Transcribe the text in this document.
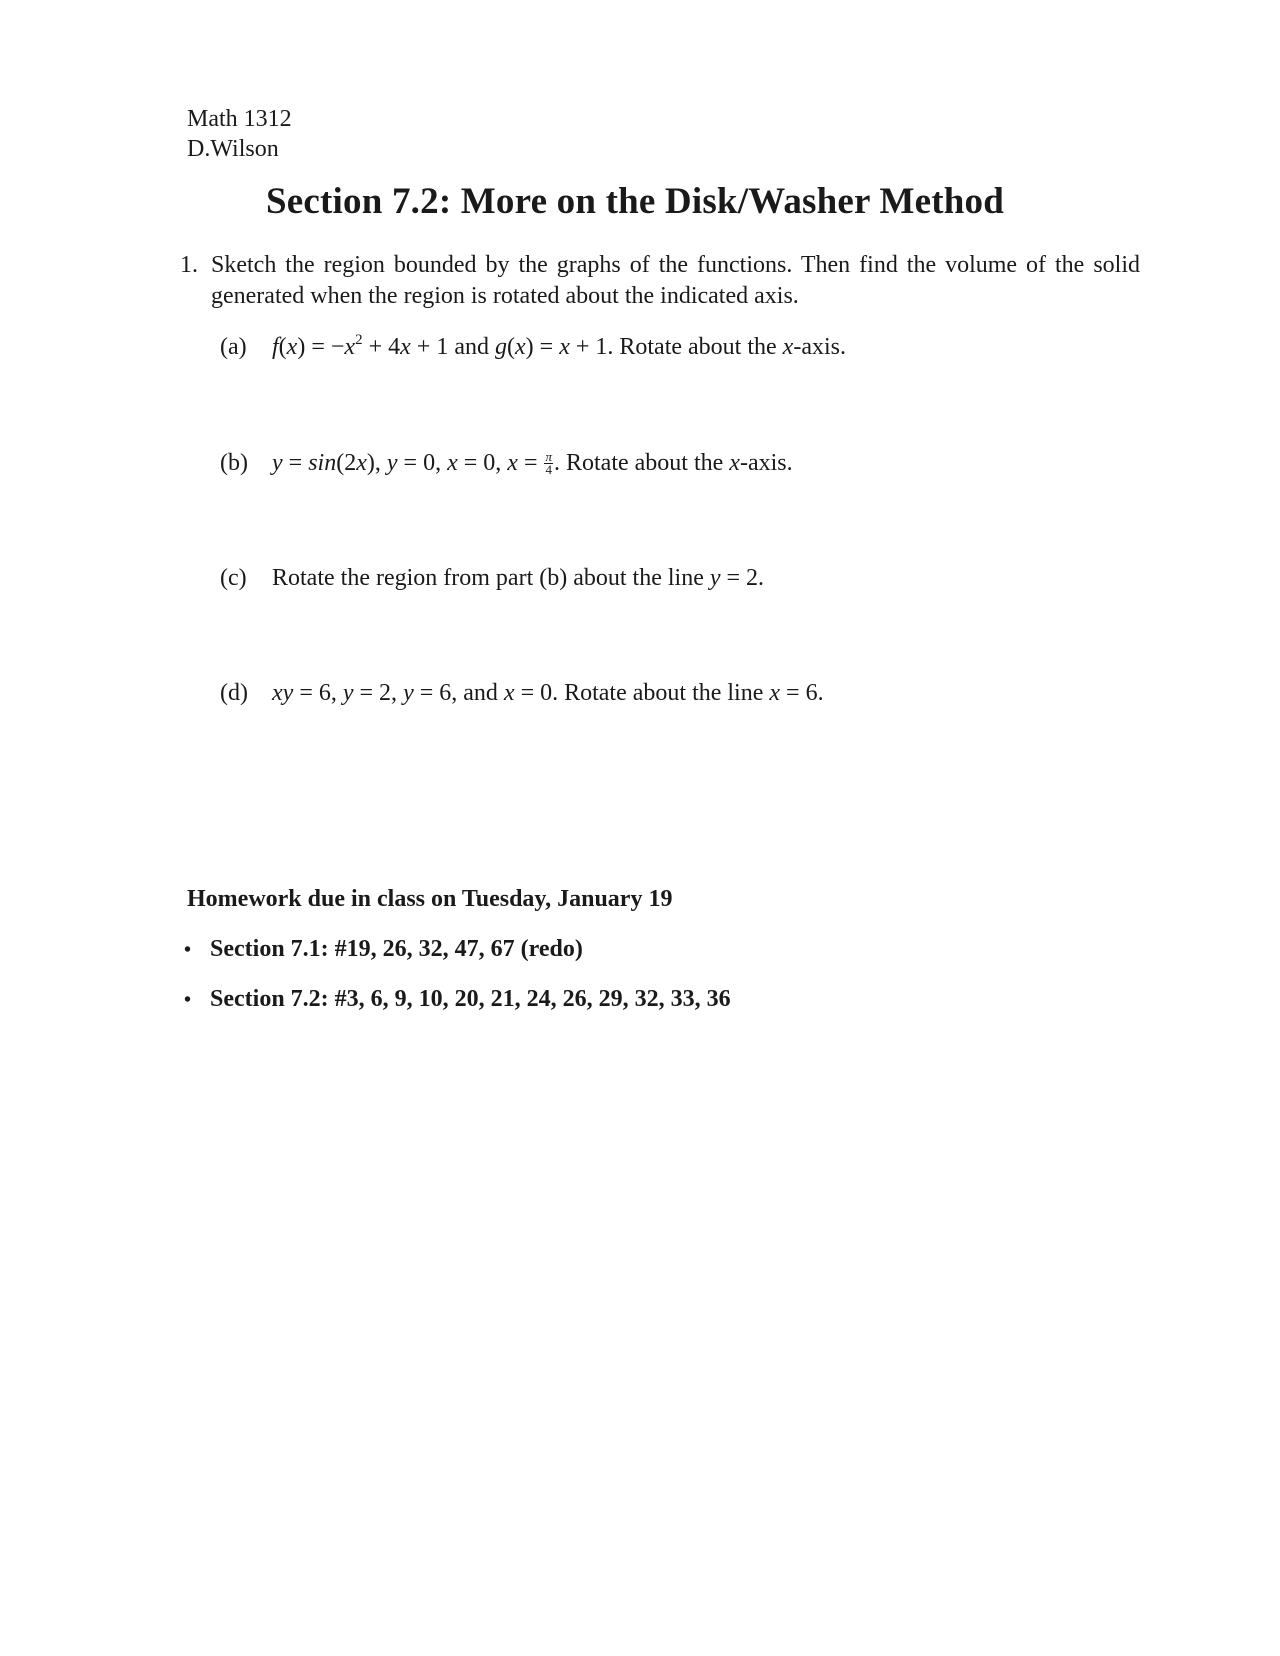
Math 1312
D.Wilson
Section 7.2: More on the Disk/Washer Method
1. Sketch the region bounded by the graphs of the functions. Then find the volume of the solid generated when the region is rotated about the indicated axis.
(a) $f(x) = -x^2 + 4x + 1$ and g(x) = x + 1. Rotate about the x-axis.
(b) y = sin(2x), y = 0, x = 0, $x = \frac{\pi}{4}$ . Rotate about the x-axis.
(c) Rotate the region from part (b) about the line y = 2.
(d) xy = 6, y = 2, y = 6, and x = 0. Rotate about the line x = 6.
Homework due in class on Tuesday, January 19
• Section 7.1: #19, 26, 32, 47, 67 (redo)
• Section 7.2: #3, 6, 9, 10, 20, 21, 24, 26, 29, 32, 33, 36
